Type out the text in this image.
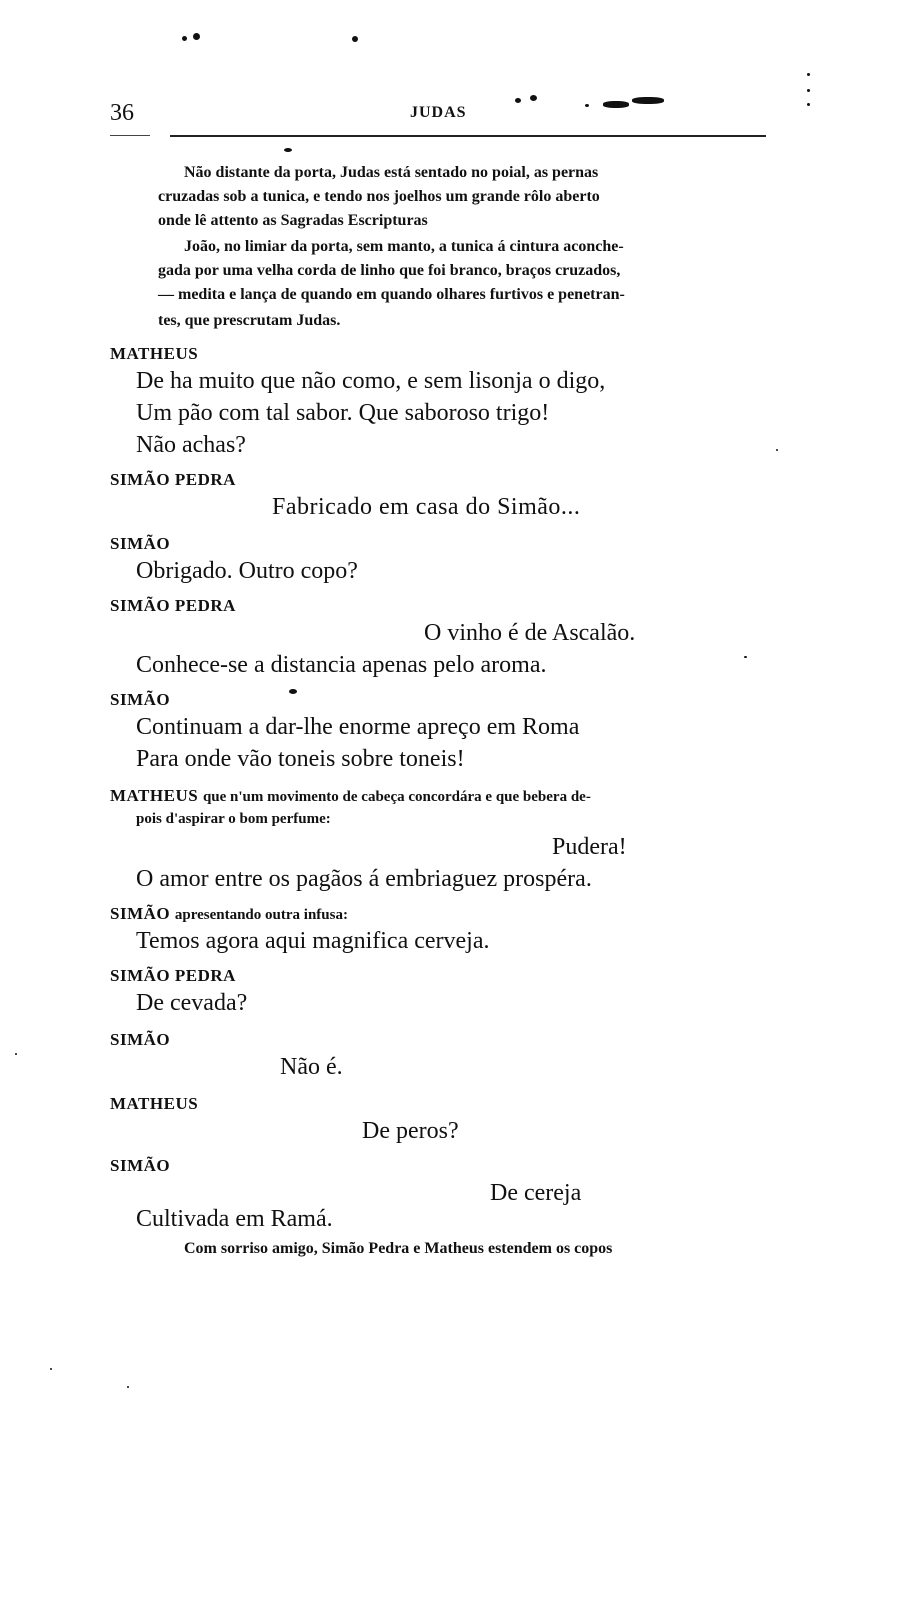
36	JUDAS
Não distante da porta, Judas está sentado no poial, as pernas
cruzadas sob a tunica, e tendo nos joelhos um grande rôlo aberto
onde lê attento as Sagradas Escripturas
João, no limiar da porta, sem manto, a tunica á cintura aconche-
gada por uma velha corda de linho que foi branco, braços cruzados,
— medita e lança de quando em quando olhares furtivos e penetran-
tes, que prescrutam Judas.
MATHEUS
De ha muito que não como, e sem lisonja o digo,
Um pão com tal sabor. Que saboroso trigo!
Não achas?
SIMÃO PEDRA
Fabricado em casa do Simão...
SIMÃO
Obrigado. Outro copo?
SIMÃO PEDRA
O vinho é de Ascalão.
Conhece-se a distancia apenas pelo aroma.
SIMÃO
Continuam a dar-lhe enorme apreço em Roma
Para onde vão toneis sobre toneis!
MATHEUS que n'um movimento de cabeça concordára e que bebera de-
pois d'aspirar o bom perfume:
Pudera!
O amor entre os pagãos á embriaguez prospéra.
SIMÃO apresentando outra infusa:
Temos agora aqui magnifica cerveja.
SIMÃO PEDRA
De cevada?
SIMÃO
Não é.
MATHEUS
De peros?
SIMÃO
De cereja
Cultivada em Ramá.
Com sorriso amigo, Simão Pedra e Matheus estendem os copos
